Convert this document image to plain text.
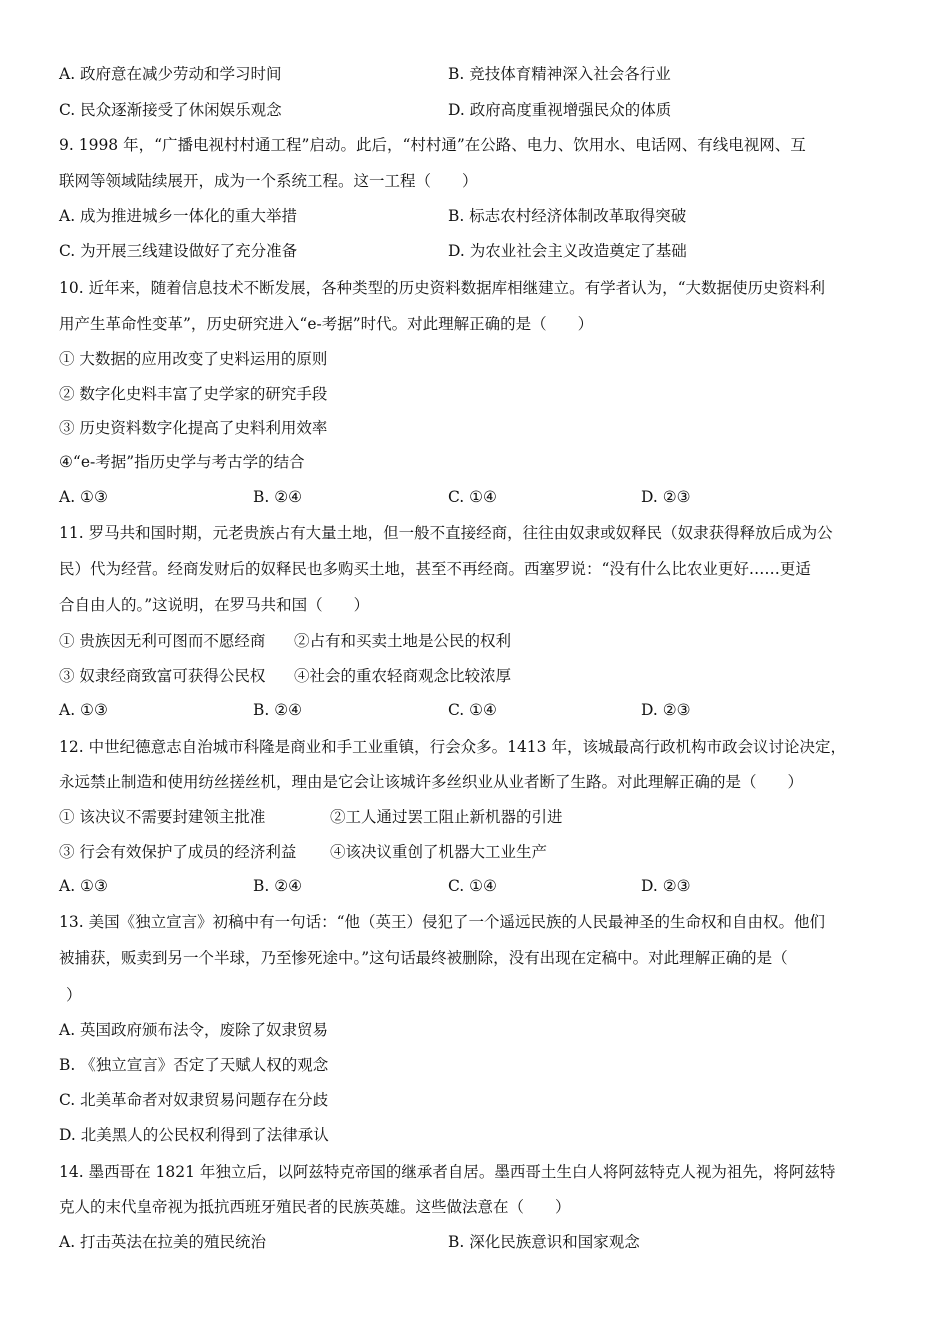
A. 政府意在减少劳动和学习时间	B. 竞技体育精神深入社会各行业
C. 民众逐渐接受了休闲娱乐观念	D. 政府高度重视增强民众的体质
9. 1998 年，“广播电视村村通工程”启动。此后，“村村通”在公路、电力、饮用水、电话网、有线电视网、互
联网等领域陆续展开，成为一个系统工程。这一工程（　　）
A. 成为推进城乡一体化的重大举措	B. 标志农村经济体制改革取得突破
C. 为开展三线建设做好了充分准备	D. 为农业社会主义改造奠定了基础
10. 近年来，随着信息技术不断发展，各种类型的历史资料数据库相继建立。有学者认为，“大数据使历史资料利
用产生革命性变革”，历史研究进入“e-考据”时代。对此理解正确的是（　　）
① 大数据的应用改变了史料运用的原则
② 数字化史料丰富了史学家的研究手段
③ 历史资料数字化提高了史料利用效率
④“e-考据”指历史学与考古学的结合
A. ①③	B. ②④	C. ①④	D. ②③
11. 罗马共和国时期，元老贵族占有大量土地，但一般不直接经商，往往由奴隶或奴释民（奴隶获得释放后成为公
民）代为经营。经商发财后的奴释民也多购买土地，甚至不再经商。西塞罗说：“没有什么比农业更好……更适
合自由人的。”这说明，在罗马共和国（　　）
① 贵族因无利可图而不愿经商 ②占有和买卖土地是公民的权利
③ 奴隶经商致富可获得公民权 ④社会的重农轻商观念比较浓厚
A. ①③	B. ②④	C. ①④	D. ②③
12. 中世纪德意志自治城市科隆是商业和手工业重镇，行会众多。1413 年，该城最高行政机构市政会议讨论决定，
永远禁止制造和使用纺丝搓丝机，理由是它会让该城许多丝织业从业者断了生路。对此理解正确的是（　　）
① 该决议不需要封建领主批准	②工人通过罢工阻止新机器的引进
③ 行会有效保护了成员的经济利益 ④该决议重创了机器大工业生产
A. ①③	B. ②④	C. ①④	D. ②③
13. 美国《独立宣言》初稿中有一句话：“他（英王）侵犯了一个遥远民族的人民最神圣的生命权和自由权。他们
被捕获，贩卖到另一个半球，乃至惨死途中。”这句话最终被删除，没有出现在定稿中。对此理解正确的是（
）
A. 英国政府颁布法令，废除了奴隶贸易
B. 《独立宣言》否定了天赋人权的观念
C. 北美革命者对奴隶贸易问题存在分歧
D. 北美黑人的公民权利得到了法律承认
14. 墨西哥在 1821 年独立后，以阿兹特克帝国的继承者自居。墨西哥土生白人将阿兹特克人视为祖先，将阿兹特
克人的末代皇帝视为抵抗西班牙殖民者的民族英雄。这些做法意在（　　）
A. 打击英法在拉美的殖民统治	B. 深化民族意识和国家观念
